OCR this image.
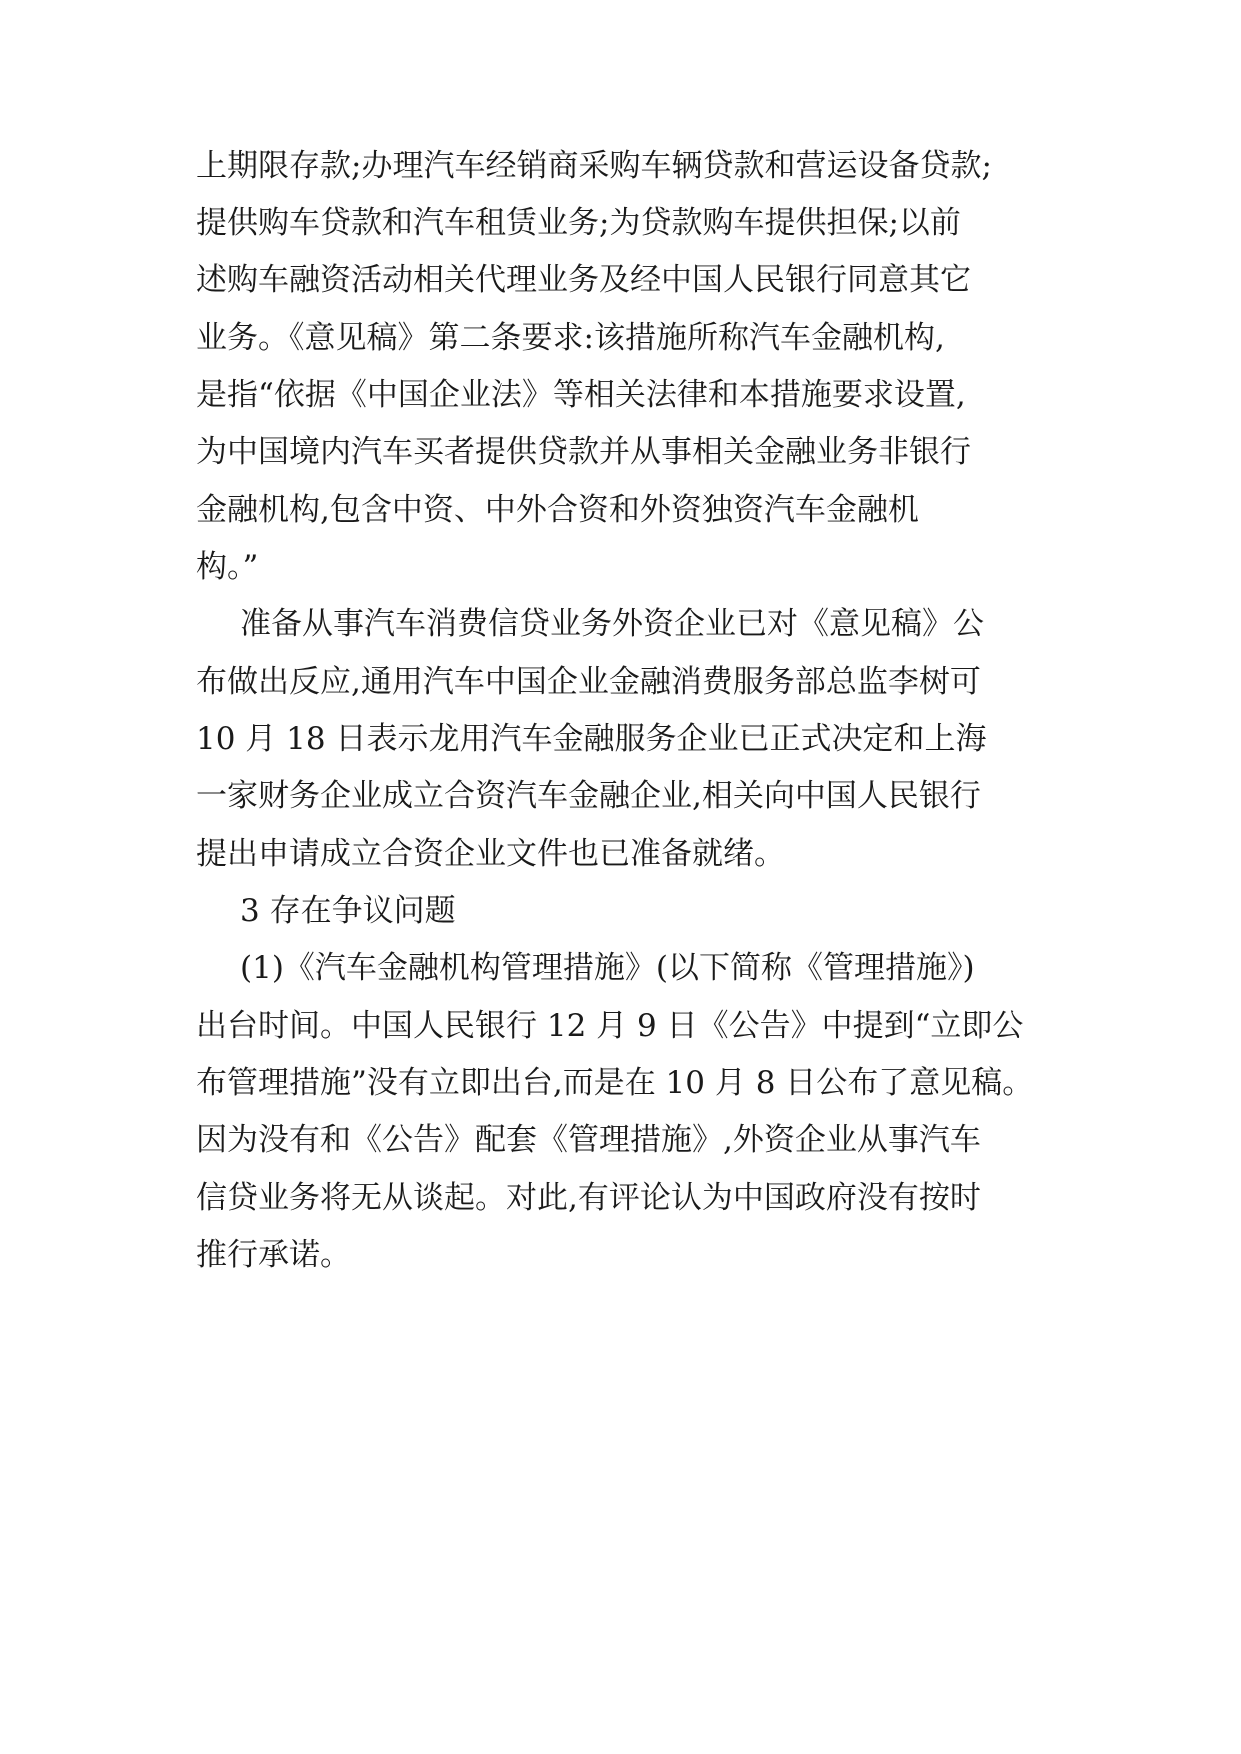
上期限存款;办理汽车经销商采购车辆贷款和营运设备贷款;
提供购车贷款和汽车租赁业务;为贷款购车提供担保;以前
述购车融资活动相关代理业务及经中国人民银行同意其它
业务。《意见稿》第二条要求:该措施所称汽车金融机构,
是指“依据《中国企业法》等相关法律和本措施要求设置,
为中国境内汽车买者提供贷款并从事相关金融业务非银行
金融机构,包含中资、中外合资和外资独资汽车金融机
构。”
准备从事汽车消费信贷业务外资企业已对《意见稿》公
布做出反应,通用汽车中国企业金融消费服务部总监李树可
10 月 18 日表示龙用汽车金融服务企业已正式决定和上海
一家财务企业成立合资汽车金融企业,相关向中国人民银行
提出申请成立合资企业文件也已准备就绪。
3 存在争议问题
(1)《汽车金融机构管理措施》(以下简称《管理措施》)
出台时间。中国人民银行 12 月 9 日《公告》中提到“立即公
布管理措施”没有立即出台,而是在 10 月 8 日公布了意见稿。
因为没有和《公告》配套《管理措施》,外资企业从事汽车
信贷业务将无从谈起。对此,有评论认为中国政府没有按时
推行承诺。
